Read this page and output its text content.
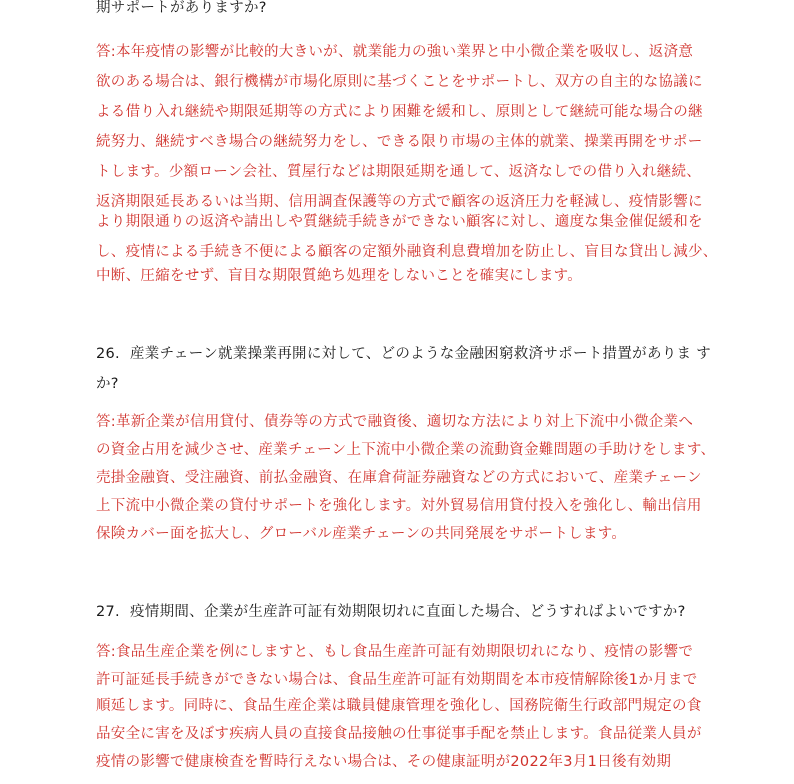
期サポートがありますか?
答:本年疫情の影響が比較的大きいが、就業能力の強い業界と中小微企業を吸収し、返済意
欲のある場合は、銀行機構が市場化原則に基づくことをサポートし、双方の自主的な協議に
よる借り入れ継続や期限延期等の方式により困難を緩和し、原則として継続可能な場合の継
続努力、継続すべき場合の継続努力をし、できる限り市場の主体的就業、操業再開をサポー
トします。少額ローン会社、質屋行などは期限延期を通して、返済なしでの借り入れ継続、
返済期限延長あるいは当期、信用調査保護等の方式で顧客の返済圧力を軽減し、疫情影響に
より期限通りの返済や請出しや質継続手続きができない顧客に対し、適度な集金催促緩和を
し、疫情による手続き不便による顧客の定額外融資利息費増加を防止し、盲目な貸出し減少、
中断、圧縮をせず、盲目な期限質絶ち処理をしないことを確実にします。
26. 産業チェーン就業操業再開に対して、どのような金融困窮救済サポート措置がありま す
か?
答:革新企業が信用貸付、債券等の方式で融資後、適切な方法により対上下流中小微企業へ
の資金占用を減少させ、産業チェーン上下流中小微企業の流動資金難問題の手助けをします、
売掛金融資、受注融資、前払金融資、在庫倉荷証券融資などの方式において、産業チェーン
上下流中小微企業の貸付サポートを強化します。対外貿易信用貸付投入を強化し、輸出信用
保険カバー面を拡大し、グローバル産業チェーンの共同発展をサポートします。
27. 疫情期間、企業が生産許可証有効期限切れに直面した場合、どうすればよいですか?
答:食品生産企業を例にしますと、もし食品生産許可証有効期限切れになり、疫情の影響で
許可証延長手続きができない場合は、食品生産許可証有効期間を本市疫情解除後1か月まで
順延します。同時に、食品生産企業は職員健康管理を強化し、国務院衛生行政部門規定の食
品安全に害を及ぼす疾病人員の直接食品接触の仕事従事手配を禁止します。食品従業人員が
疫情の影響で健康検査を暫時行えない場合は、その健康証明が2022年3月1日後有効期
